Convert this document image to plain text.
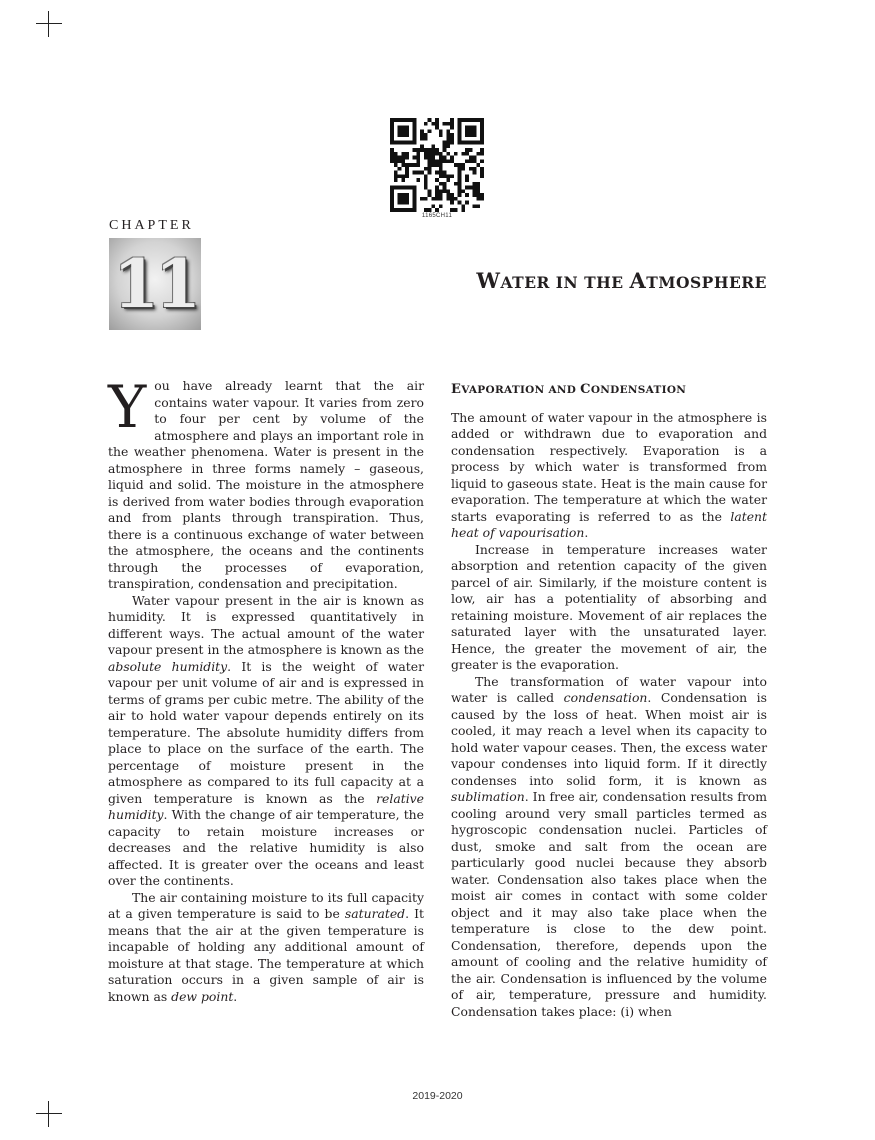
1165CH11
CHAPTER
11	WATER IN THE ATMOSPHERE

You have already learnt that the air contains water vapour. It varies from zero to four per cent by volume of the atmosphere and plays an important role in the weather phenomena. Water is present in the atmosphere in three forms namely – gaseous, liquid and solid. The moisture in the atmosphere is derived from water bodies through evaporation and from plants through transpiration. Thus, there is a continuous exchange of water between the atmosphere, the oceans and the continents through the processes of evaporation, transpiration, condensation and precipitation.

Water vapour present in the air is known as humidity. It is expressed quantitatively in different ways. The actual amount of the water vapour present in the atmosphere is known as the absolute humidity. It is the weight of water vapour per unit volume of air and is expressed in terms of grams per cubic metre. The ability of the air to hold water vapour depends entirely on its temperature. The absolute humidity differs from place to place on the surface of the earth. The percentage of moisture present in the atmosphere as compared to its full capacity at a given temperature is known as the relative humidity. With the change of air temperature, the capacity to retain moisture increases or decreases and the relative humidity is also affected. It is greater over the oceans and least over the continents.

The air containing moisture to its full capacity at a given temperature is said to be saturated. It means that the air at the given temperature is incapable of holding any additional amount of moisture at that stage. The temperature at which saturation occurs in a given sample of air is known as dew point.

EVAPORATION AND CONDENSATION

The amount of water vapour in the atmosphere is added or withdrawn due to evaporation and condensation respectively. Evaporation is a process by which water is transformed from liquid to gaseous state. Heat is the main cause for evaporation. The temperature at which the water starts evaporating is referred to as the latent heat of vapourisation.

Increase in temperature increases water absorption and retention capacity of the given parcel of air. Similarly, if the moisture content is low, air has a potentiality of absorbing and retaining moisture. Movement of air replaces the saturated layer with the unsaturated layer. Hence, the greater the movement of air, the greater is the evaporation.

The transformation of water vapour into water is called condensation. Condensation is caused by the loss of heat. When moist air is cooled, it may reach a level when its capacity to hold water vapour ceases. Then, the excess water vapour condenses into liquid form. If it directly condenses into solid form, it is known as sublimation. In free air, condensation results from cooling around very small particles termed as hygroscopic condensation nuclei. Particles of dust, smoke and salt from the ocean are particularly good nuclei because they absorb water. Condensation also takes place when the moist air comes in contact with some colder object and it may also take place when the temperature is close to the dew point. Condensation, therefore, depends upon the amount of cooling and the relative humidity of the air. Condensation is influenced by the volume of air, temperature, pressure and humidity. Condensation takes place: (i) when

2019-2020
